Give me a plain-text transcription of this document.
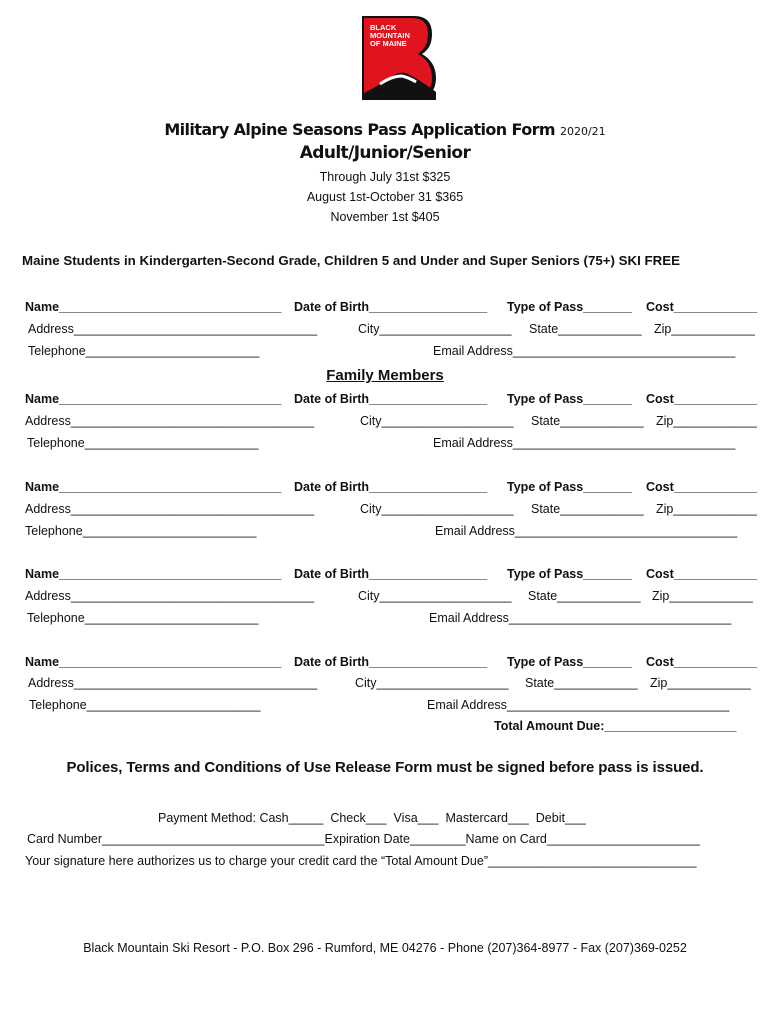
BLACK
MOUNTAIN
OF MAINE
Military Alpine Seasons Pass Application Form 2020/21
Adult/Junior/Senior
Through July 31st $325
August 1st-October 31 $365
November 1st $405
Maine Students in Kindergarten-Second Grade, Children 5 and Under and Super Seniors (75+) SKI FREE
Name________________________________ Date of Birth_________________ Type of Pass_______ Cost____________
Address___________________________________	City___________________ State____________ Zip____________
Telephone_________________________	Email Address________________________________
Family Members
Name________________________________ Date of Birth_________________ Type of Pass_______ Cost____________
Address___________________________________	City___________________ State____________ Zip____________
Telephone_________________________	Email Address________________________________
Name________________________________ Date of Birth_________________ Type of Pass_______ Cost____________
Address___________________________________	City___________________ State____________ Zip____________
Telephone_________________________	Email Address________________________________
Name________________________________ Date of Birth_________________ Type of Pass_______ Cost____________
Address___________________________________	City___________________ State____________ Zip____________
Telephone_________________________	Email Address________________________________
Name________________________________ Date of Birth_________________ Type of Pass_______ Cost____________
Address___________________________________	City___________________ State____________ Zip____________
Telephone_________________________	Email Address________________________________
Total Amount Due:___________________
Polices, Terms and Conditions of Use Release Form must be signed before pass is issued.
Payment Method: Cash_____  Check___  Visa___  Mastercard___  Debit___
Card Number________________________________Expiration Date________Name on Card______________________
Your signature here authorizes us to charge your credit card the “Total Amount Due”______________________________
Black Mountain Ski Resort - P.O. Box 296 - Rumford, ME 04276 - Phone (207)364-8977 - Fax (207)369-0252
